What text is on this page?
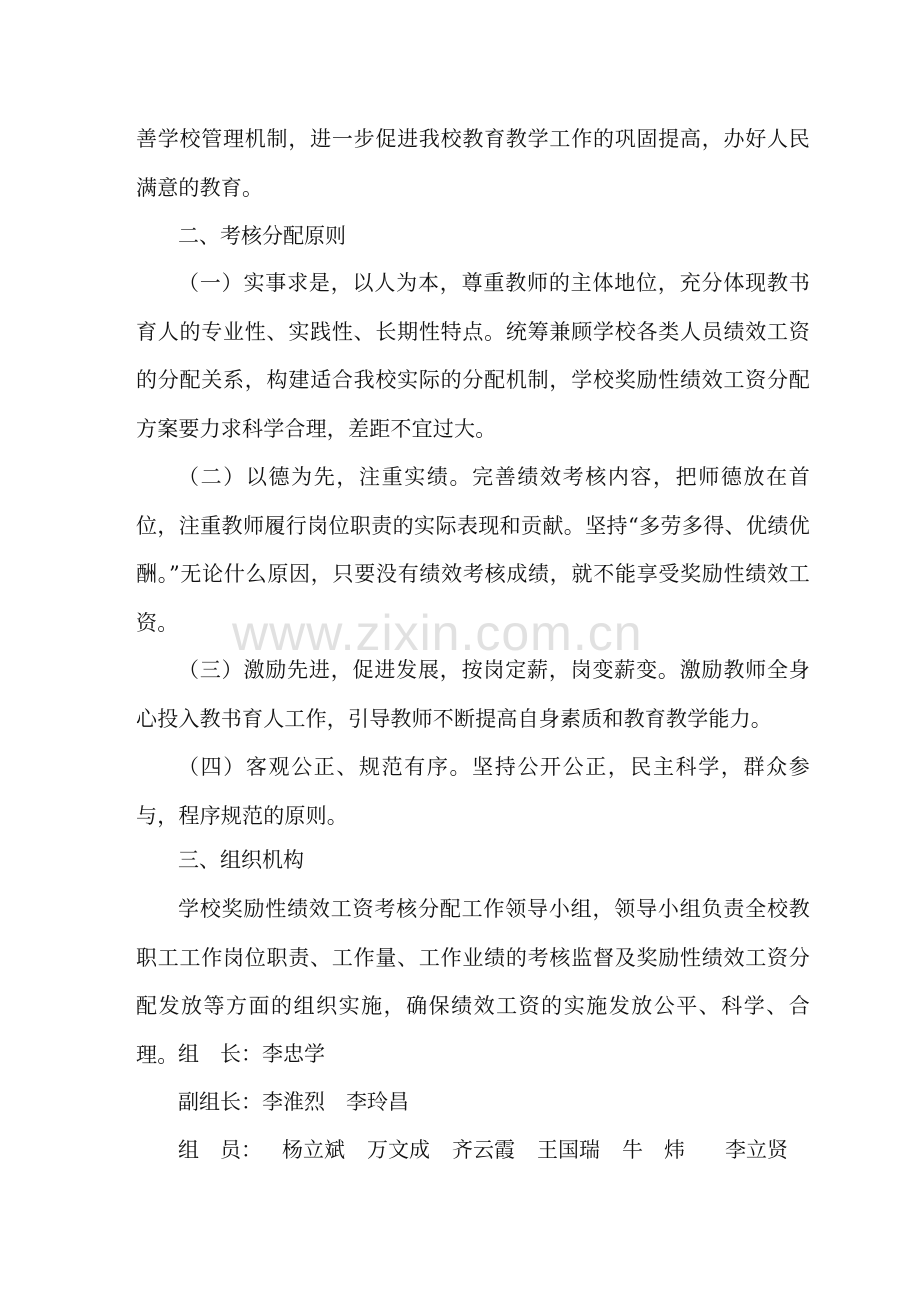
善学校管理机制，进一步促进我校教育教学工作的巩固提高，办好人民满意的教育。

二、考核分配原则

（一）实事求是，以人为本，尊重教师的主体地位，充分体现教书育人的专业性、实践性、长期性特点。统筹兼顾学校各类人员绩效工资的分配关系，构建适合我校实际的分配机制，学校奖励性绩效工资分配方案要力求科学合理，差距不宜过大。

（二）以德为先，注重实绩。完善绩效考核内容，把师德放在首位，注重教师履行岗位职责的实际表现和贡献。坚持“多劳多得、优绩优酬。”无论什么原因，只要没有绩效考核成绩，就不能享受奖励性绩效工资。

（三）激励先进，促进发展，按岗定薪，岗变薪变。激励教师全身心投入教书育人工作，引导教师不断提高自身素质和教育教学能力。

（四）客观公正、规范有序。坚持公开公正，民主科学，群众参与，程序规范的原则。

三、组织机构

学校奖励性绩效工资考核分配工作领导小组，领导小组负责全校教职工工作岗位职责、工作量、工作业绩的考核监督及奖励性绩效工资分配发放等方面的组织实施，确保绩效工资的实施发放公平、科学、合理。 组　长：李忠学

副组长：李淮烈 李玲昌

组　员： 杨立斌 万文成 齐云霞 王国瑞 牛　炜 李立贤

www.zixin.com.cn
